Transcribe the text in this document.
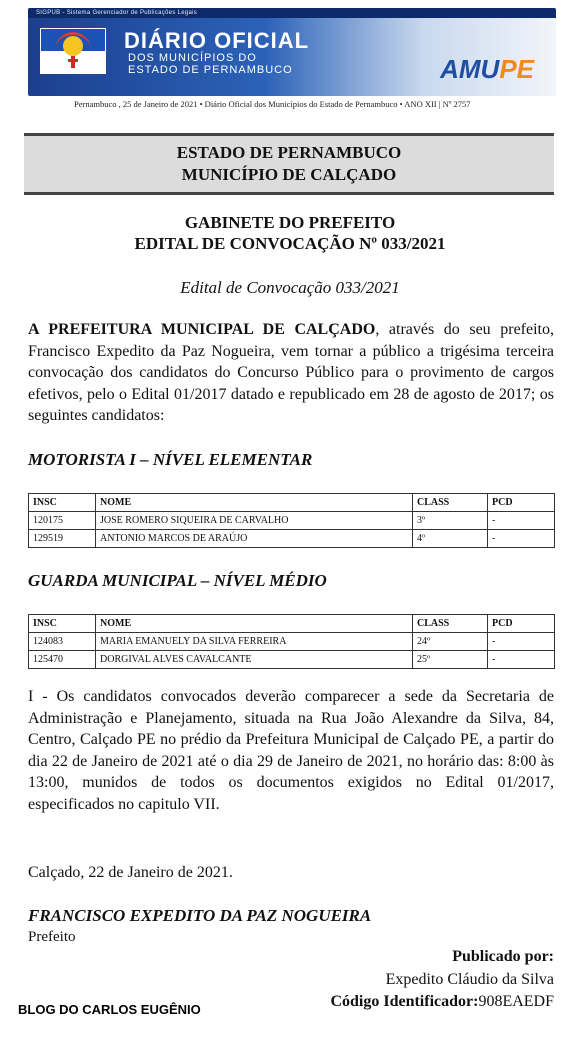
SIGPUB - Sistema Gerenciador de Publicações Legais
DIÁRIO OFICIAL
DOS MUNICÍPIOS DO
ESTADO DE PERNAMBUCO	AMUPE
Pernambuco , 25 de Janeiro de 2021 • Diário Oficial dos Municípios do Estado de Pernambuco • ANO XII | Nº 2757
ESTADO DE PERNAMBUCO
MUNICÍPIO DE CALÇADO
GABINETE DO PREFEITO
EDITAL DE CONVOCAÇÃO Nº 033/2021
Edital de Convocação 033/2021
A PREFEITURA MUNICIPAL DE CALÇADO, através do seu prefeito, Francisco Expedito da Paz Nogueira, vem tornar a público a trigésima terceira convocação dos candidatos do Concurso Público para o provimento de cargos efetivos, pelo o Edital 01/2017 datado e republicado em 28 de agosto de 2017; os seguintes candidatos:
MOTORISTA I – NÍVEL ELEMENTAR
INSC	NOME	CLASS	PCD
120175	JOSE ROMERO SIQUEIRA DE CARVALHO	3º	-
129519	ANTONIO MARCOS DE ARAÚJO	4º	-
GUARDA MUNICIPAL – NÍVEL MÉDIO
INSC	NOME	CLASS	PCD
124083	MARIA EMANUELY DA SILVA FERREIRA	24º	-
125470	DORGIVAL ALVES CAVALCANTE	25º	-
I - Os candidatos convocados deverão comparecer a sede da Secretaria de Administração e Planejamento, situada na Rua João Alexandre da Silva, 84, Centro, Calçado PE no prédio da Prefeitura Municipal de Calçado PE, a partir do dia 22 de Janeiro de 2021 até o dia 29 de Janeiro de 2021, no horário das: 8:00 às 13:00, munidos de todos os documentos exigidos no Edital 01/2017, especificados no capitulo VII.
Calçado, 22 de Janeiro de 2021.
FRANCISCO EXPEDITO DA PAZ NOGUEIRA
Prefeito
Publicado por:
Expedito Cláudio da Silva
Código Identificador:908EAEDF
BLOG DO CARLOS EUGÊNIO
